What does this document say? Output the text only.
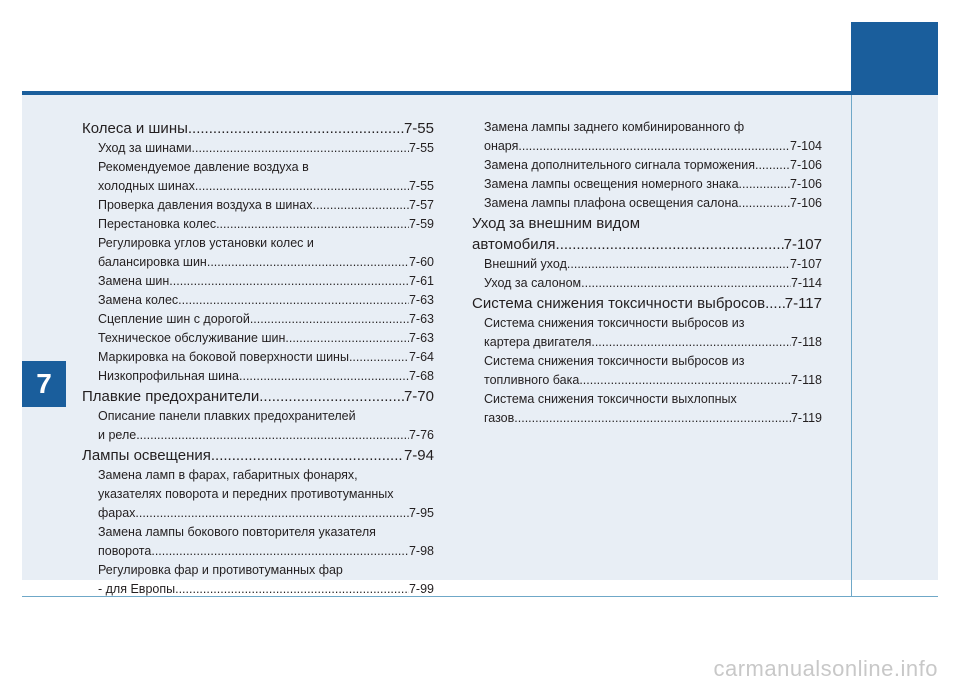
7
Колеса и шины .....	7-55
Уход за шинами .....	7-55
Рекомендуемое давление воздуха в
холодных шинах .....	7-55
Проверка давления воздуха в шинах .....	7-57
Перестановка колес .....	7-59
Регулировка углов установки колес и
балансировка шин .....	7-60
Замена шин .....	7-61
Замена колес .....	7-63
Сцепление шин с дорогой .....	7-63
Техническое обслуживание шин .....	7-63
Маркировка на боковой поверхности шины .....	7-64
Низкопрофильная шина .....	7-68
Плавкие предохранители .....	7-70
Описание панели плавких предохранителей
и реле .....	7-76
Лампы освещения .....	7-94
Замена ламп в фарах, габаритных фонарях,
указателях поворота и передних противотуманных
фарах .....	7-95
Замена лампы бокового повторителя указателя
поворота .....	7-98
Регулировка фар и противотуманных фар
- для Европы .....	7-99
Замена лампы заднего комбинированного ф
онаря .....	7-104
Замена дополнительного сигнала торможения .....	7-106
Замена лампы освещения номерного знака .....	7-106
Замена лампы плафона освещения салона .....	7-106
Уход за внешним видом
автомобиля .....	7-107
Внешний уход .....	7-107
Уход за салоном .....	7-114
Система снижения токсичности выбросов ..... 7-117
Система снижения токсичности выбросов из
картера двигателя .....	7-118
Система снижения токсичности выбросов из
топливного бака .....	7-118
Система снижения токсичности выхлопных
газов .....	7-119
carmanualsonline.info
